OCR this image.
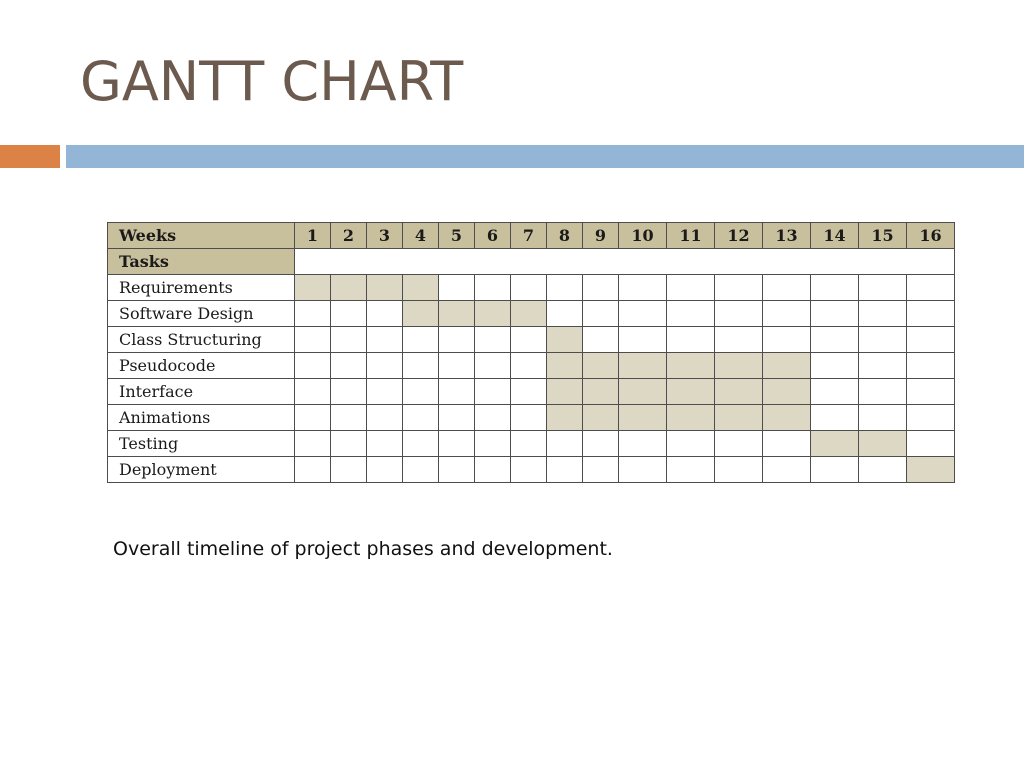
GANTT CHART
Weeks	1	2	3	4	5	6	7	8	9	10	11	12	13	14	15	16
Tasks																
Requirements																
Software Design																
Class Structuring																
Pseudocode																
Interface																
Animations																
Testing																
Deployment																

Overall timeline of project phases and development.
